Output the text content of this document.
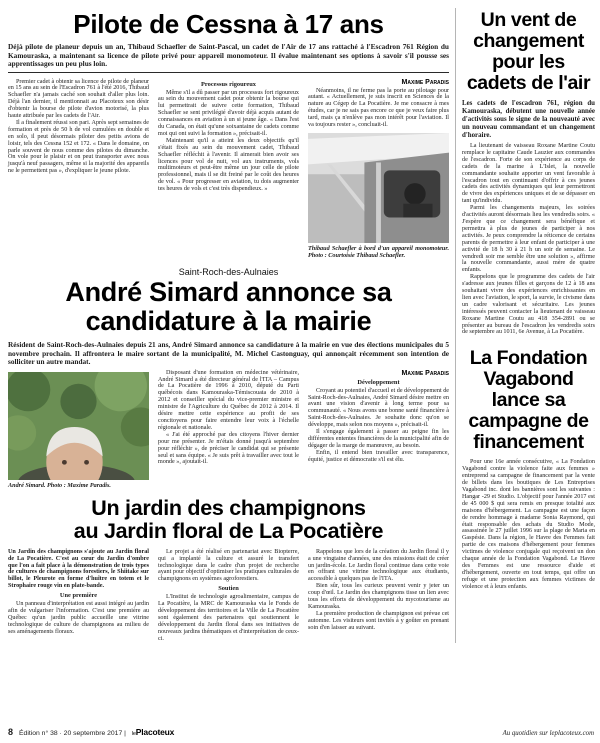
Pilote de Cessna à 17 ans
Déjà pilote de planeur depuis un an, Thibaud Schaefler de Saint-Pascal, un cadet de l'Air de 17 ans rattaché à l'Escadron 761 Région du Kamouraska, a maintenant sa licence de pilote privé pour appareil monomoteur. Il évalue maintenant ses options à savoir s'il pousse ses apprentissages un peu plus loin.

Premier cadet à obtenir sa licence de pilote de planeur en 15 ans au sein de l'Escadron 761 à l'été 2016, Thibaud Schaefler n'a jamais caché son souhait d'aller plus loin. Déjà l'an dernier, il mentionnait au Placoteux son désir d'obtenir la bourse de pilote d'avion motorisé, la plus haute attribuée par les cadets de l'Air.

Il a finalement réussi son pari. Après sept semaines de formation et près de 50 h de vol cumulées en double et en solo, il peut désormais piloter des petits avions de loisir, tels des Cessna 152 et 172. « Dans le domaine, on parle souvent de nous comme des pilotes du dimanche. On vole pour le plaisir et on peut transporter avec nous jusqu'à neuf passagers, même si la majorité des appareils ne le permettent pas », d'expliquer le jeune pilote.

Processus rigoureux

Même s'il a dû passer par un processus fort rigoureux au sein du mouvement cadet pour obtenir la bourse qui lui permettrait de suivre cette formation, Thibaud Schaefler se sent privilégié d'avoir déjà acquis autant de connaissances en aviation à un si jeune âge. « Dans l'est du Canada, on était qu'une soixantaine de cadets comme moi qui ont suivi la formation », précisait-il.

Maintenant qu'il a atteint les deux objectifs qu'il s'était fixés au sein du mouvement cadet, Thibaud Schaefler réfléchit à l'avenir. Il aimerait bien avoir ses licences pour vol de nuit, vol aux instruments, vols multimoteurs et peut-être même un jour celle de pilote professionnel, mais il se dit freiné par le coût des heures de vol. « Pour progresser en aviation, tu dois augmenter tes heures de vols et c'est très dispendieux. »

Maxime Paradis

Néanmoins, il ne ferme pas la porte au pilotage pour autant. « Actuellement, je suis inscrit en Sciences de la nature au Cégep de La Pocatière. Je me consacre à mes études, car je ne sais pas encore ce que je veux faire plus tard, mais ça n'enlève pas mon intérêt pour l'aviation. Il va toujours rester », concluait-il.

Thibaud Schaefler à bord d'un appareil monomoteur. Photo : Courtoisie Thibaud Schaefler.
Saint-Roch-des-Aulnaies
André Simard annonce sa candidature à la mairie
Résident de Saint-Roch-des-Aulnaies depuis 21 ans, André Simard annonce sa candidature à la mairie en vue des élections municipales du 5 novembre prochain. Il affrontera le maire sortant de la municipalité, M. Michel Castonguay, qui annonçait récemment son intention de solliciter un autre mandat.
André Simard. Photo : Maxime Paradis.

Disposant d'une formation en médecine vétérinaire, André Simard a été directeur général de l'ITA – Campus de La Pocatière de 1996 à 2010, député du Parti québécois dans Kamouraska-Témiscouata de 2010 à 2012 et conseiller spécial du vice-premier ministre et ministre de l'Agriculture du Québec de 2012 à 2014. Il désire mettre cette expérience au profit de ses concitoyens pour faire entendre leur voix à l'échelle régionale et nationale.

« J'ai été approché par des citoyens l'hiver dernier pour me présenter. Je m'étais donné jusqu'à septembre pour réfléchir », de préciser le candidat qui se présente seul et sans équipe. « Je suis prêt à travailler avec tout le monde », ajoutait-il.

Maxime Paradis
Développement

Croyant au potentiel d'accueil et de développement de Saint-Roch-des-Aulnaies, André Simard désire mettre en avant une vision d'avenir à long terme pour sa communauté. « Nous avons une bonne santé financière à Saint-Roch-des-Aulnaies. Je souhaite donc qu'on se développe, mais selon nos moyens », précisait-il.

Il s'engage également à passer au peigne fin les différentes ententes financières de la municipalité afin de dégager de la marge de manœuvre, au besoin.

Enfin, il entend bien travailler avec transparence, équité, justice et démocratie s'il est élu.

Un jardin des champignons
au Jardin floral de La Pocatière

Un Jardin des champignons s'ajoute au Jardin floral de La Pocatière. C'est au cœur du Jardin d'ombre que l'on a fait place à la démonstration de trois types de cultures de champignons forestiers, le Shiitake sur billot, le Pleurote en forme d'huître en totem et le Strophaire rouge vin en plate-bande.

Une première

Un panneau d'interprétation est aussi intégré au jardin afin de vulgariser l'information. C'est une première au Québec qu'un jardin public accueille une vitrine technologique de culture de champignons au milieu de ses aménagements floraux.

Le projet a été réalisé en partenariat avec Biopterre, qui a implanté la culture et assuré le transfert technologique dans le cadre d'un projet de recherche ayant pour objectif d'optimiser les pratiques culturales de champignons en systèmes agroforestiers.

Soutien

L'Institut de technologie agroalimentaire, campus de La Pocatière, la MRC de Kamouraska via le Fonds de développement des territoires et la Ville de La Pocatière sont également des partenaires qui soutiennent le développement du Jardin floral dans ses initiatives de nouveaux jardins thématiques et d'interprétation de ceux-ci.

Rappelons que lors de la création du Jardin floral il y a une vingtaine d'années, une des missions était de créer un jardin-école. Le Jardin floral continue dans cette voie en offrant une vitrine technologique aux étudiants, accessible à quelques pas de l'ITA.

Bien sûr, tous les curieux peuvent venir y jeter un coup d'œil. Le Jardin des champignons tisse un lien avec tous les efforts de développement du mycotourisme au Kamouraska.

La première production de champignon est prévue cet automne. Les visiteurs sont invités à y goûter en prenant soin d'en laisser au suivant.

Un vent de changement pour les cadets de l'air
Les cadets de l'escadron 761, région du Kamouraska, débutent une nouvelle année d'activités sous le signe de la nouveauté avec un nouveau commandant et un changement d'horaire.

La lieutenant de vaisseau Roxane Martine Coutu remplace le capitaine Caude Lauzier aux commandes de l'escadron. Forte de son expérience au corps de cadets de la marine à L'Islet, la nouvelle commandante souhaite apporter un vent favorable à l'escadron tout en continuant d'offrir à ces jeunes cadets des activités dynamiques qui leur permettront de vivre des expériences uniques et de se dépasser en tant qu'individu.

Parmi les changements majeurs, les soirées d'activités auront désormais lieu les vendredis soirs. « J'espère que ce changement sera bénéfique et permettra à plus de jeunes de participer à nos activités. Je peux comprendre la réticence de certains parents de permettre à leur enfant de participer à une activité de 18 h 30 à 21 h un soir de semaine. Le vendredi soir me semble être une solution », affirme la nouvelle commandante, aussi mère de quatre enfants.

Rappelons que le programme des cadets de l'air s'adresse aux jeunes filles et garçons de 12 à 18 ans souhaitant vivre des expériences enrichissantes en lien avec l'aviation, le sport, la survie, le civisme dans un cadre valorisant et sécuritaire. Les jeunes intéressés peuvent contacter la lieutenant de vaisseau Roxane Martine Coutu au 418 354-2891 ou se présenter au bureau de l'escadron les vendredis soirs de septembre au 1011, 6e Avenue, à La Pocatière.

La Fondation Vagabond lance sa campagne de financement

Pour une 16e année consécutive, « La Fondation Vagabond contre la violence faite aux femmes » entreprend sa campagne de financement par la vente de billets dans les boutiques de Les Entreprises Vagabond inc. dont les bannières sont les suivantes : Hangar -29 et Studio. L'objectif pour l'année 2017 est de 45 000 $ qui sera remis en presque totalité aux maisons d'hébergement. La campagne est une façon de rendre hommage à madame Sonia Raymond, qui était responsable des achats du Studio Mode, assassinée le 27 juillet 1996 sur la plage de Maria en Gaspésie. Dans la région, le Havre des Femmes fait partie de ces maisons d'hébergement pour femmes victimes de violence conjugale qui reçoivent un don chaque année de la Fondation Vagabond. Le Havre des Femmes est une ressource d'aide et d'hébergement, ouverte en tout temps, qui offre un refuge et une protection aux femmes victimes de violence et à leurs enfants.

8 Édition n° 38 · 20 septembre 2017 | lePlacoteux	Au quotidien sur leplacoteux.com
